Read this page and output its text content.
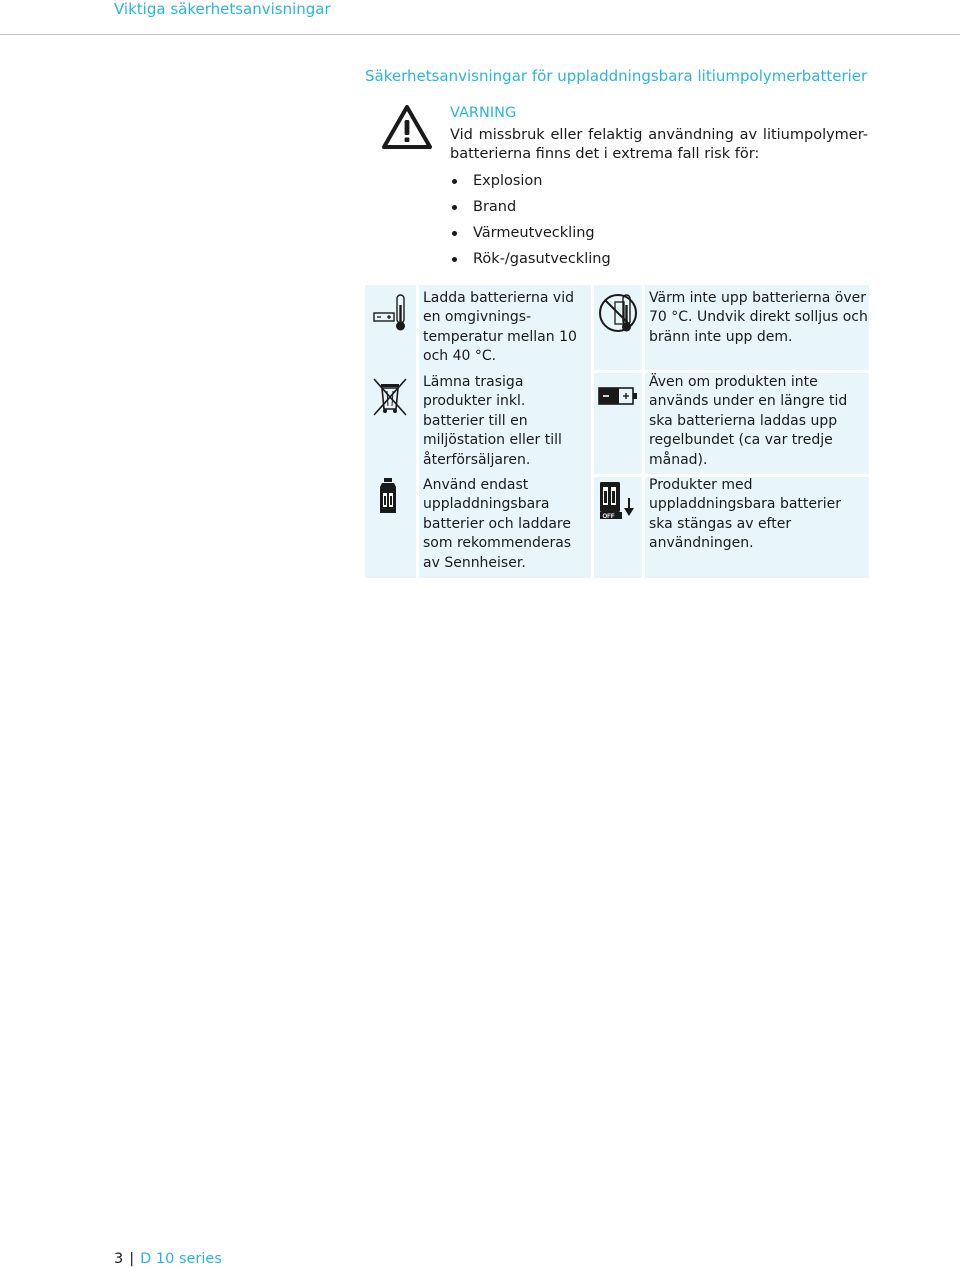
Viktiga säkerhetsanvisningar
Säkerhetsanvisningar för uppladdningsbara litiumpolymerbatterier
VARNING
Vid missbruk eller felaktig användning av litiumpolymer-batterierna finns det i extrema fall risk för:
Explosion
Brand
Värmeutveckling
Rök-/gasutveckling
Ladda batterierna vid en omgivnings-temperatur mellan 10 och 40 °C.
Lämna trasiga produkter inkl. batterier till en miljöstation eller till återförsäljaren.
Använd endast uppladdningsbara batterier och laddare som rekommenderas av Sennheiser.
Värm inte upp batterierna över 70 °C. Undvik direkt solljus och bränn inte upp dem.
Även om produkten inte används under en längre tid ska batterierna laddas upp regelbundet (ca var tredje månad).
OFF
Produkter med uppladdningsbara batterier ska stängas av efter användningen.
3 | D 10 series
